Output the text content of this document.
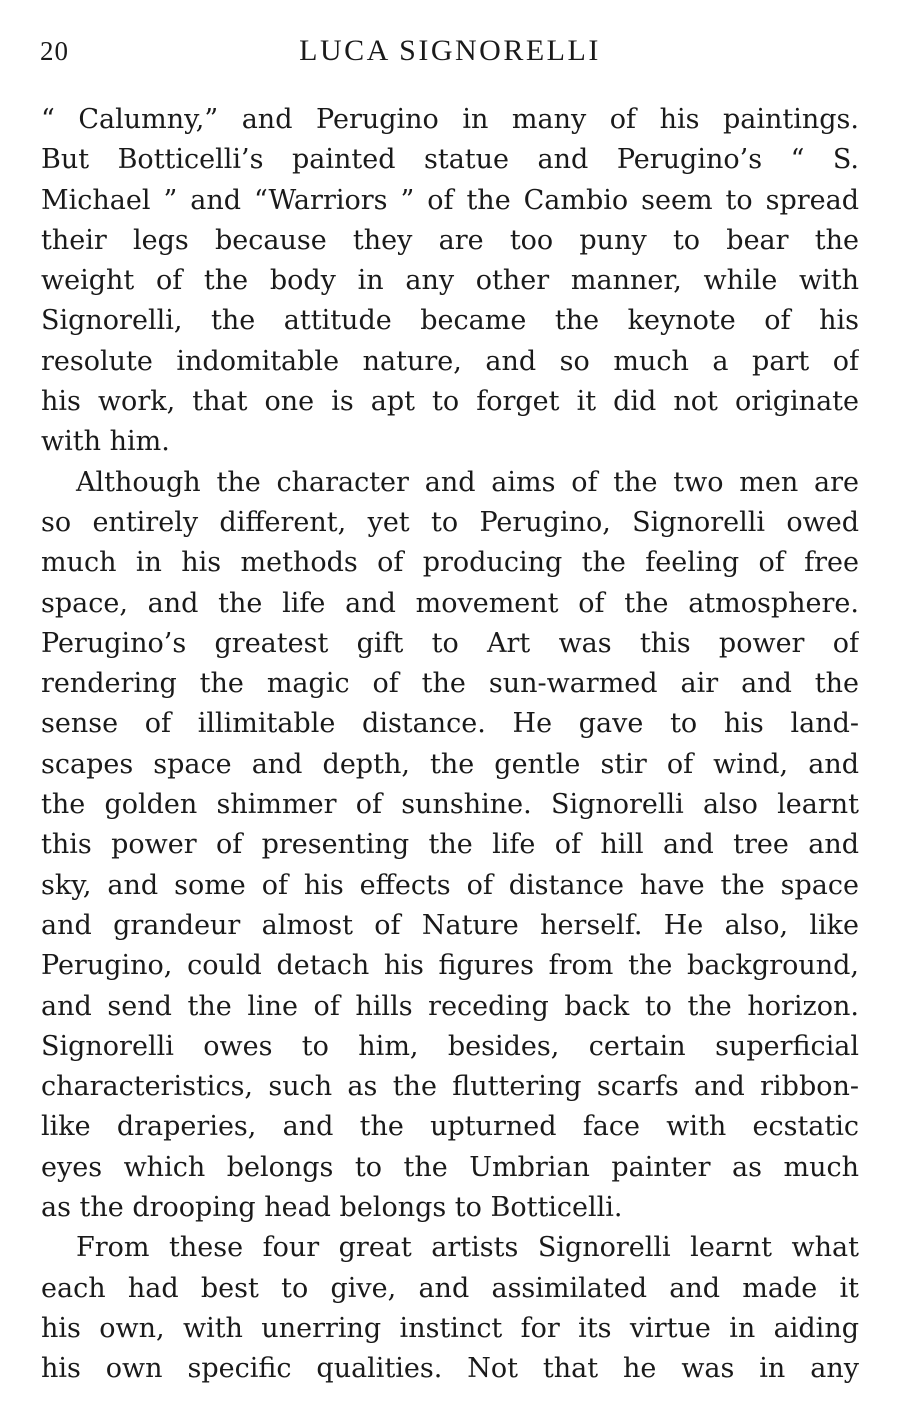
20	LUCA SIGNORELLI
“ Calumny,” and Perugino in many of his paintings.
But Botticelli’s painted statue and Perugino’s “ S.
Michael ” and “Warriors ” of the Cambio seem to spread
their legs because they are too puny to bear the
weight of the body in any other manner, while with
Signorelli, the attitude became the keynote of his
resolute indomitable nature, and so much a part of
his work, that one is apt to forget it did not originate
with him.
Although the character and aims of the two men are
so entirely different, yet to Perugino, Signorelli owed
much in his methods of producing the feeling of free
space, and the life and movement of the atmosphere.
Perugino’s greatest gift to Art was this power of
rendering the magic of the sun-warmed air and the
sense of illimitable distance. He gave to his land-
scapes space and depth, the gentle stir of wind, and
the golden shimmer of sunshine. Signorelli also learnt
this power of presenting the life of hill and tree and
sky, and some of his effects of distance have the space
and grandeur almost of Nature herself. He also, like
Perugino, could detach his figures from the background,
and send the line of hills receding back to the horizon.
Signorelli owes to him, besides, certain superficial
characteristics, such as the fluttering scarfs and ribbon-
like draperies, and the upturned face with ecstatic
eyes which belongs to the Umbrian painter as much
as the drooping head belongs to Botticelli.
From these four great artists Signorelli learnt what
each had best to give, and assimilated and made it
his own, with unerring instinct for its virtue in aiding
his own specific qualities. Not that he was in any
